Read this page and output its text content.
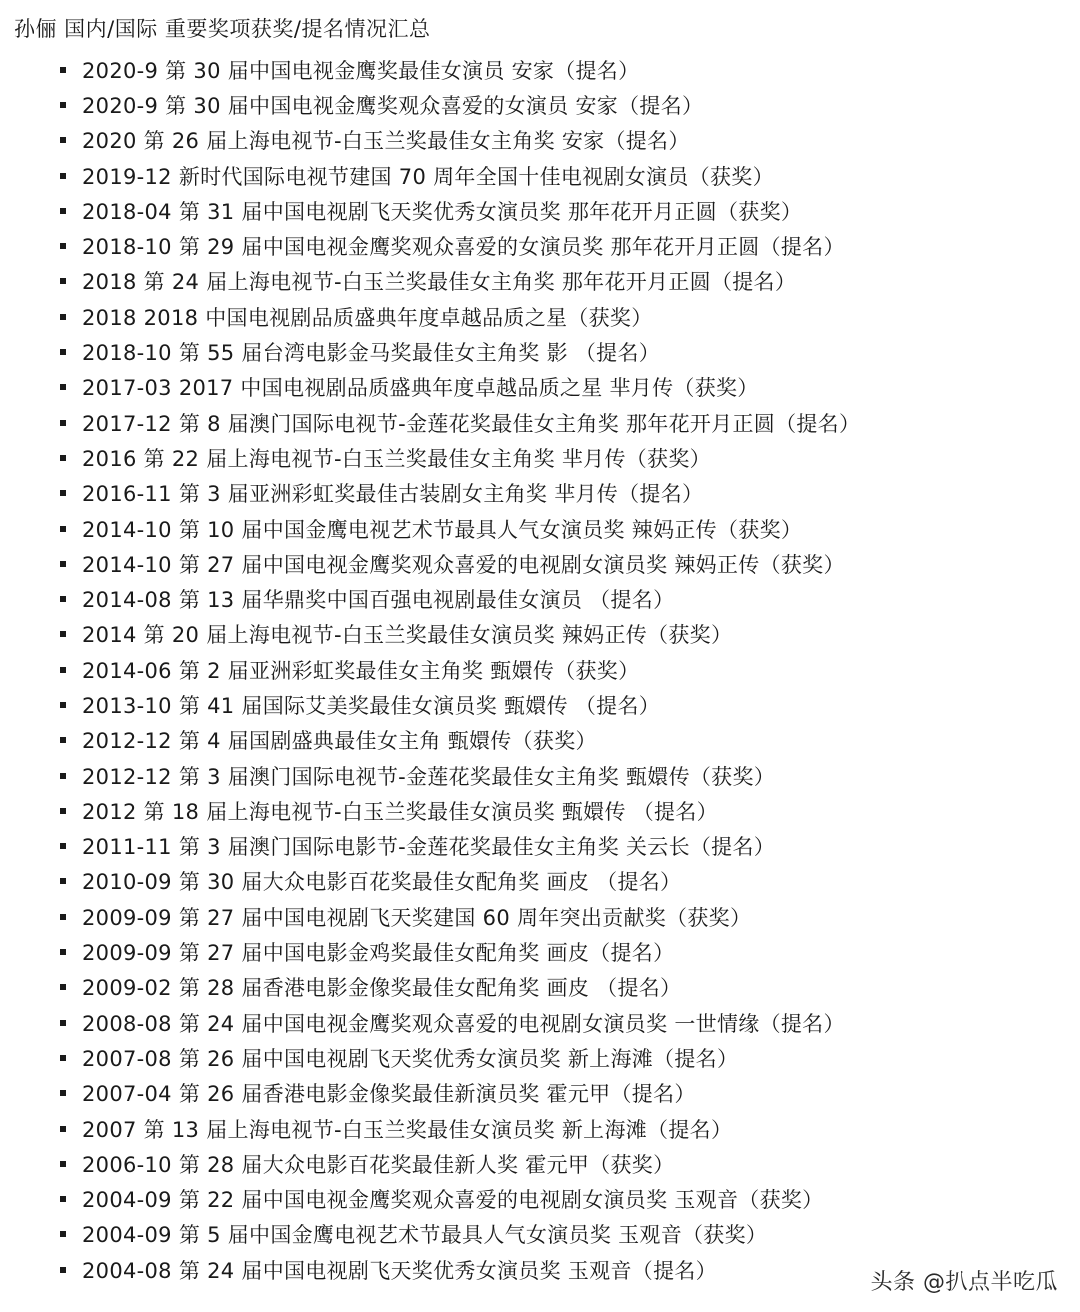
孙俪 国内/国际 重要奖项获奖/提名情况汇总
2020-9 第 30 届中国电视金鹰奖最佳女演员 安家（提名）
2020-9 第 30 届中国电视金鹰奖观众喜爱的女演员 安家（提名）
2020 第 26 届上海电视节-白玉兰奖最佳女主角奖 安家（提名）
2019-12 新时代国际电视节建国 70 周年全国十佳电视剧女演员（获奖）
2018-04 第 31 届中国电视剧飞天奖优秀女演员奖 那年花开月正圆（获奖）
2018-10 第 29 届中国电视金鹰奖观众喜爱的女演员奖 那年花开月正圆（提名）
2018 第 24 届上海电视节-白玉兰奖最佳女主角奖 那年花开月正圆（提名）
2018 2018 中国电视剧品质盛典年度卓越品质之星（获奖）
2018-10 第 55 届台湾电影金马奖最佳女主角奖 影 （提名）
2017-03 2017 中国电视剧品质盛典年度卓越品质之星 芈月传（获奖）
2017-12 第 8 届澳门国际电视节-金莲花奖最佳女主角奖 那年花开月正圆（提名）
2016 第 22 届上海电视节-白玉兰奖最佳女主角奖 芈月传（获奖）
2016-11 第 3 届亚洲彩虹奖最佳古装剧女主角奖 芈月传（提名）
2014-10 第 10 届中国金鹰电视艺术节最具人气女演员奖 辣妈正传（获奖）
2014-10 第 27 届中国电视金鹰奖观众喜爱的电视剧女演员奖 辣妈正传（获奖）
2014-08 第 13 届华鼎奖中国百强电视剧最佳女演员 （提名）
2014 第 20 届上海电视节-白玉兰奖最佳女演员奖 辣妈正传（获奖）
2014-06 第 2 届亚洲彩虹奖最佳女主角奖 甄嬛传（获奖）
2013-10 第 41 届国际艾美奖最佳女演员奖 甄嬛传 （提名）
2012-12 第 4 届国剧盛典最佳女主角 甄嬛传（获奖）
2012-12 第 3 届澳门国际电视节-金莲花奖最佳女主角奖 甄嬛传（获奖）
2012 第 18 届上海电视节-白玉兰奖最佳女演员奖 甄嬛传 （提名）
2011-11 第 3 届澳门国际电影节-金莲花奖最佳女主角奖 关云长（提名）
2010-09 第 30 届大众电影百花奖最佳女配角奖 画皮 （提名）
2009-09 第 27 届中国电视剧飞天奖建国 60 周年突出贡献奖（获奖）
2009-09 第 27 届中国电影金鸡奖最佳女配角奖 画皮（提名）
2009-02 第 28 届香港电影金像奖最佳女配角奖 画皮 （提名）
2008-08 第 24 届中国电视金鹰奖观众喜爱的电视剧女演员奖 一世情缘（提名）
2007-08 第 26 届中国电视剧飞天奖优秀女演员奖 新上海滩（提名）
2007-04 第 26 届香港电影金像奖最佳新演员奖 霍元甲（提名）
2007 第 13 届上海电视节-白玉兰奖最佳女演员奖 新上海滩（提名）
2006-10 第 28 届大众电影百花奖最佳新人奖 霍元甲（获奖）
2004-09 第 22 届中国电视金鹰奖观众喜爱的电视剧女演员奖 玉观音（获奖）
2004-09 第 5 届中国金鹰电视艺术节最具人气女演员奖 玉观音（获奖）
2004-08 第 24 届中国电视剧飞天奖优秀女演员奖 玉观音（提名）	头条 @扒点半吃瓜
